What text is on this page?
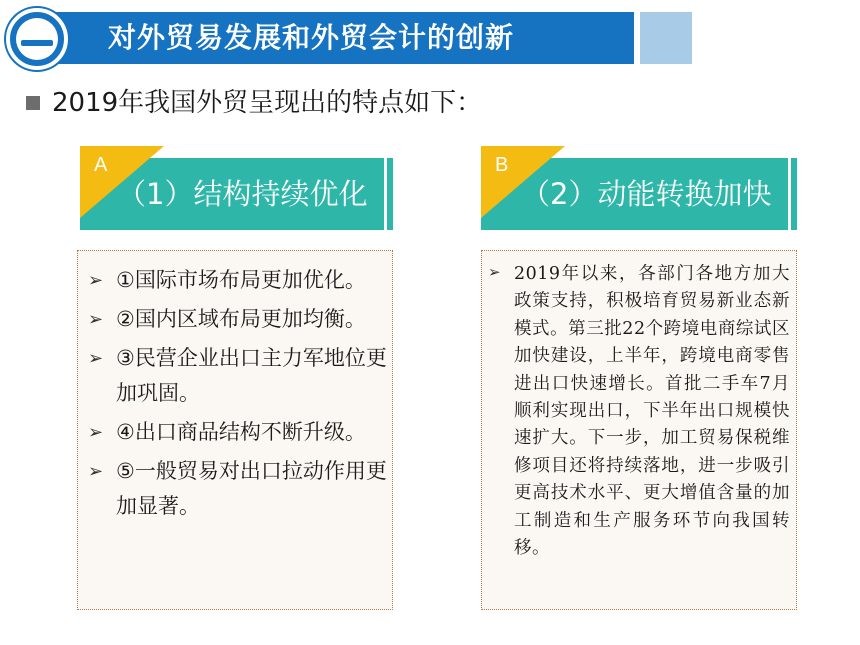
对外贸易发展和外贸会计的创新
2019年我国外贸呈现出的特点如下：
（1）结构持续优化
A
（2）动能转换加快
B
➢ ①国际市场布局更加优化。
➢ ②国内区域布局更加均衡。
➢ ③民营企业出口主力军地位更加巩固。
➢ ④出口商品结构不断升级。
➢ ⑤一般贸易对出口拉动作用更加显著。
➢ 2019年以来，各部门各地方加大政策支持，积极培育贸易新业态新模式。第三批22个跨境电商综试区加快建设，上半年，跨境电商零售进出口快速增长。首批二手车7月顺利实现出口，下半年出口规模快速扩大。下一步，加工贸易保税维修项目还将持续落地，进一步吸引更高技术水平、更大增值含量的加工制造和生产服务环节向我国转移。
